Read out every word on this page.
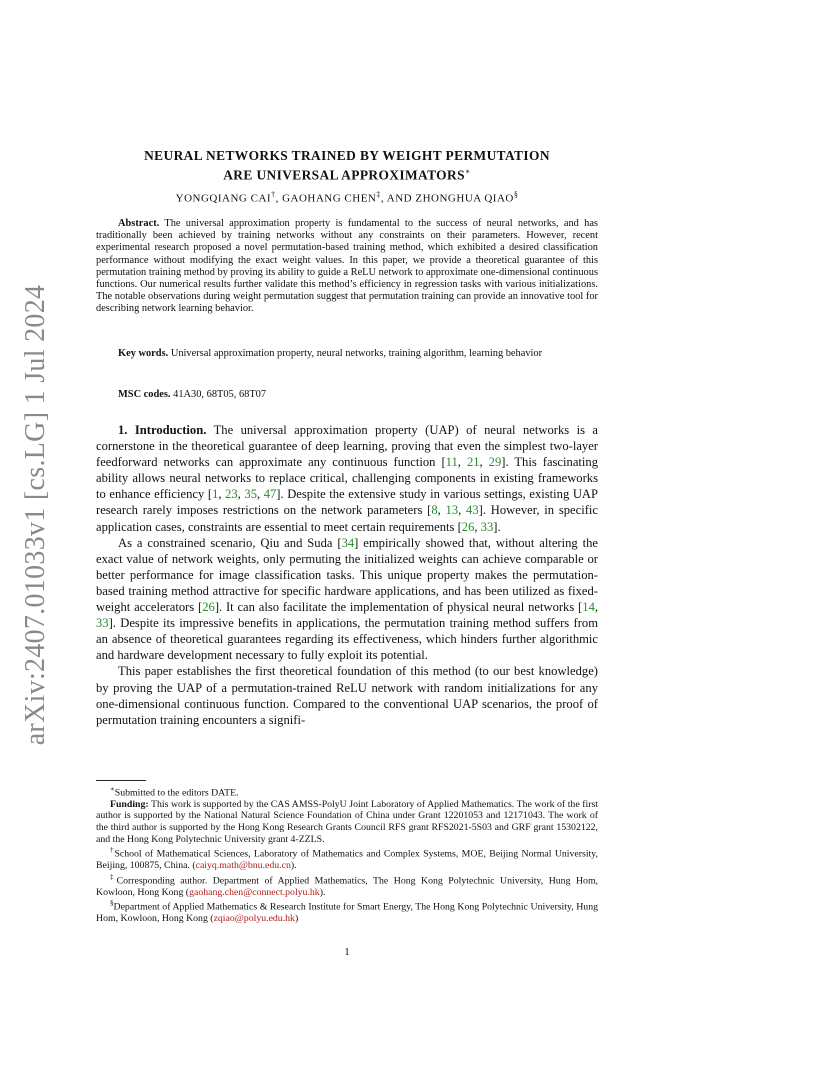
arXiv:2407.01033v1 [cs.LG] 1 Jul 2024
NEURAL NETWORKS TRAINED BY WEIGHT PERMUTATION
ARE UNIVERSAL APPROXIMATORS∗
YONGQIANG CAI†, GAOHANG CHEN‡, AND ZHONGHUA QIAO§
Abstract. The universal approximation property is fundamental to the success of neural networks, and has traditionally been achieved by training networks without any constraints on their parameters. However, recent experimental research proposed a novel permutation-based training method, which exhibited a desired classification performance without modifying the exact weight values. In this paper, we provide a theoretical guarantee of this permutation training method by proving its ability to guide a ReLU network to approximate one-dimensional continuous functions. Our numerical results further validate this method’s efficiency in regression tasks with various initializations. The notable observations during weight permutation suggest that permutation training can provide an innovative tool for describing network learning behavior.
Key words. Universal approximation property, neural networks, training algorithm, learning behavior
MSC codes. 41A30, 68T05, 68T07

1. Introduction. The universal approximation property (UAP) of neural networks is a cornerstone in the theoretical guarantee of deep learning, proving that even the simplest two-layer feedforward networks can approximate any continuous function [11, 21, 29]. This fascinating ability allows neural networks to replace critical, challenging components in existing frameworks to enhance efficiency [1, 23, 35, 47]. Despite the extensive study in various settings, existing UAP research rarely imposes restrictions on the network parameters [8, 13, 43]. However, in specific application cases, constraints are essential to meet certain requirements [26, 33].

As a constrained scenario, Qiu and Suda [34] empirically showed that, without altering the exact value of network weights, only permuting the initialized weights can achieve comparable or better performance for image classification tasks. This unique property makes the permutation-based training method attractive for specific hardware applications, and has been utilized as fixed-weight accelerators [26]. It can also facilitate the implementation of physical neural networks [14, 33]. Despite its impressive benefits in applications, the permutation training method suffers from an absence of theoretical guarantees regarding its effectiveness, which hinders further algorithmic and hardware development necessary to fully exploit its potential.

This paper establishes the first theoretical foundation of this method (to our best knowledge) by proving the UAP of a permutation-trained ReLU network with random initializations for any one-dimensional continuous function. Compared to the conventional UAP scenarios, the proof of permutation training encounters a signifi-

∗Submitted to the editors DATE.

Funding: This work is supported by the CAS AMSS-PolyU Joint Laboratory of Applied Mathematics. The work of the first author is supported by the National Natural Science Foundation of China under Grant 12201053 and 12171043. The work of the third author is supported by the Hong Kong Research Grants Council RFS grant RFS2021-5S03 and GRF grant 15302122, and the Hong Kong Polytechnic University grant 4-ZZLS.

†School of Mathematical Sciences, Laboratory of Mathematics and Complex Systems, MOE, Beijing Normal University, Beijing, 100875, China. (caiyq.math@bnu.edu.cn).

‡Corresponding author. Department of Applied Mathematics, The Hong Kong Polytechnic University, Hung Hom, Kowloon, Hong Kong (gaohang.chen@connect.polyu.hk).

§Department of Applied Mathematics & Research Institute for Smart Energy, The Hong Kong Polytechnic University, Hung Hom, Kowloon, Hong Kong (zqiao@polyu.edu.hk)

1
